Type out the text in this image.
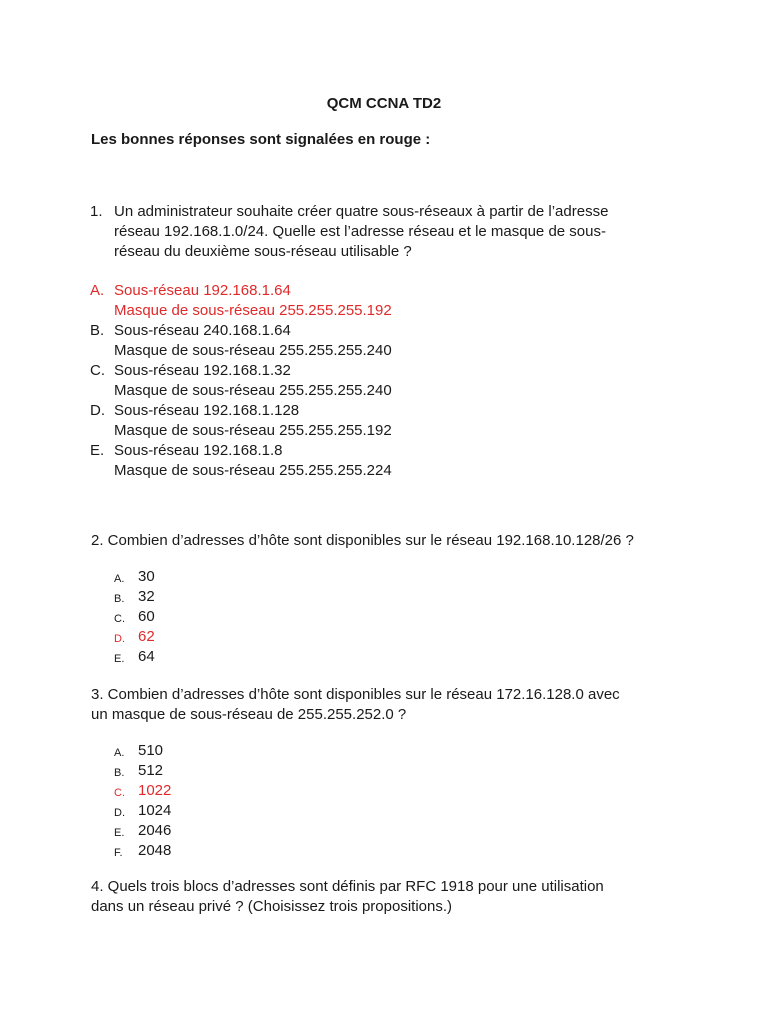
QCM CCNA TD2
Les bonnes réponses sont signalées en rouge :
1. Un administrateur souhaite créer quatre sous-réseaux à partir de l’adresse
réseau 192.168.1.0/24. Quelle est l’adresse réseau et le masque de sous-
réseau du deuxième sous-réseau utilisable ?
A. Sous-réseau 192.168.1.64
Masque de sous-réseau 255.255.255.192
B. Sous-réseau 240.168.1.64
Masque de sous-réseau 255.255.255.240
C. Sous-réseau 192.168.1.32
Masque de sous-réseau 255.255.255.240
D. Sous-réseau 192.168.1.128
Masque de sous-réseau 255.255.255.192
E. Sous-réseau 192.168.1.8
Masque de sous-réseau 255.255.255.224
2. Combien d’adresses d’hôte sont disponibles sur le réseau 192.168.10.128/26 ?
A. 30
B. 32
C. 60
D. 62
E. 64
3. Combien d’adresses d’hôte sont disponibles sur le réseau 172.16.128.0 avec
un masque de sous-réseau de 255.255.252.0 ?
A. 510
B. 512
C. 1022
D. 1024
E. 2046
F. 2048
4. Quels trois blocs d’adresses sont définis par RFC 1918 pour une utilisation
dans un réseau privé ? (Choisissez trois propositions.)
